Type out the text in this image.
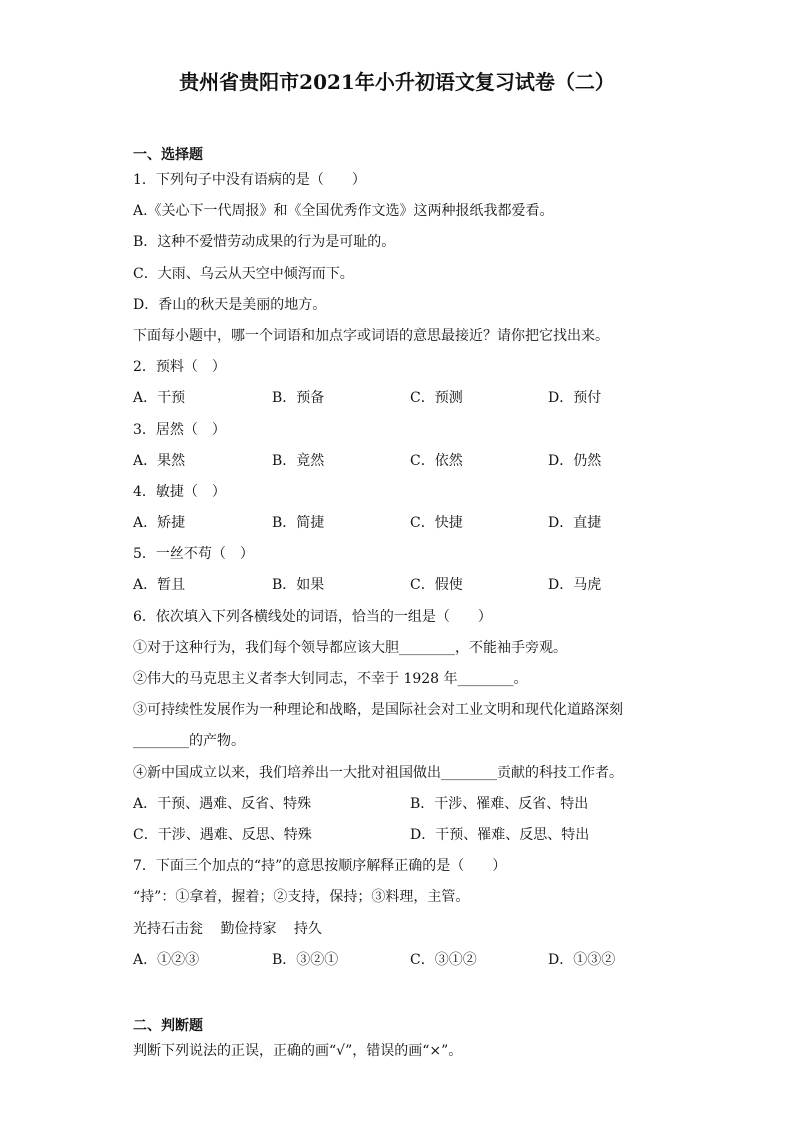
贵州省贵阳市2021年小升初语文复习试卷（二）
一、选择题
1．下列句子中没有语病的是（　　）
A.《关心下一代周报》和《全国优秀作文选》这两种报纸我都爱看。
B．这种不爱惜劳动成果的行为是可耻的。
C．大雨、乌云从天空中倾泻而下。
D．香山的秋天是美丽的地方。
下面每小题中，哪一个词语和加点字或词语的意思最接近？请你把它找出来。
2．预料（　）
A．干预	B．预备	C．预测	D．预付
3．居然（　）
A．果然	B．竟然	C．依然	D．仍然
4．敏捷（　）
A．矫捷	B．简捷	C．快捷	D．直捷
5．一丝不苟（　）
A．暂且	B．如果	C．假使	D．马虎
6．依次填入下列各横线处的词语，恰当的一组是（　　）
①对于这种行为，我们每个领导都应该大胆________，不能袖手旁观。
②伟大的马克思主义者李大钊同志，不幸于 1928 年________。
③可持续性发展作为一种理论和战略，是国际社会对工业文明和现代化道路深刻
________的产物。
④新中国成立以来，我们培养出一大批对祖国做出________贡献的科技工作者。
A．干预、遇难、反省、特殊	B．干涉、罹难、反省、特出
C．干涉、遇难、反思、特殊	D．干预、罹难、反思、特出
7．下面三个加点的“持”的意思按顺序解释正确的是（　　）
“持”：①拿着，握着；②支持，保持；③料理，主管。
光持石击瓮 勤俭持家 持久
A．①②③	B．③②①	C．③①②	D．①③②
二、判断题
判断下列说法的正误，正确的画“√”，错误的画“×”。
